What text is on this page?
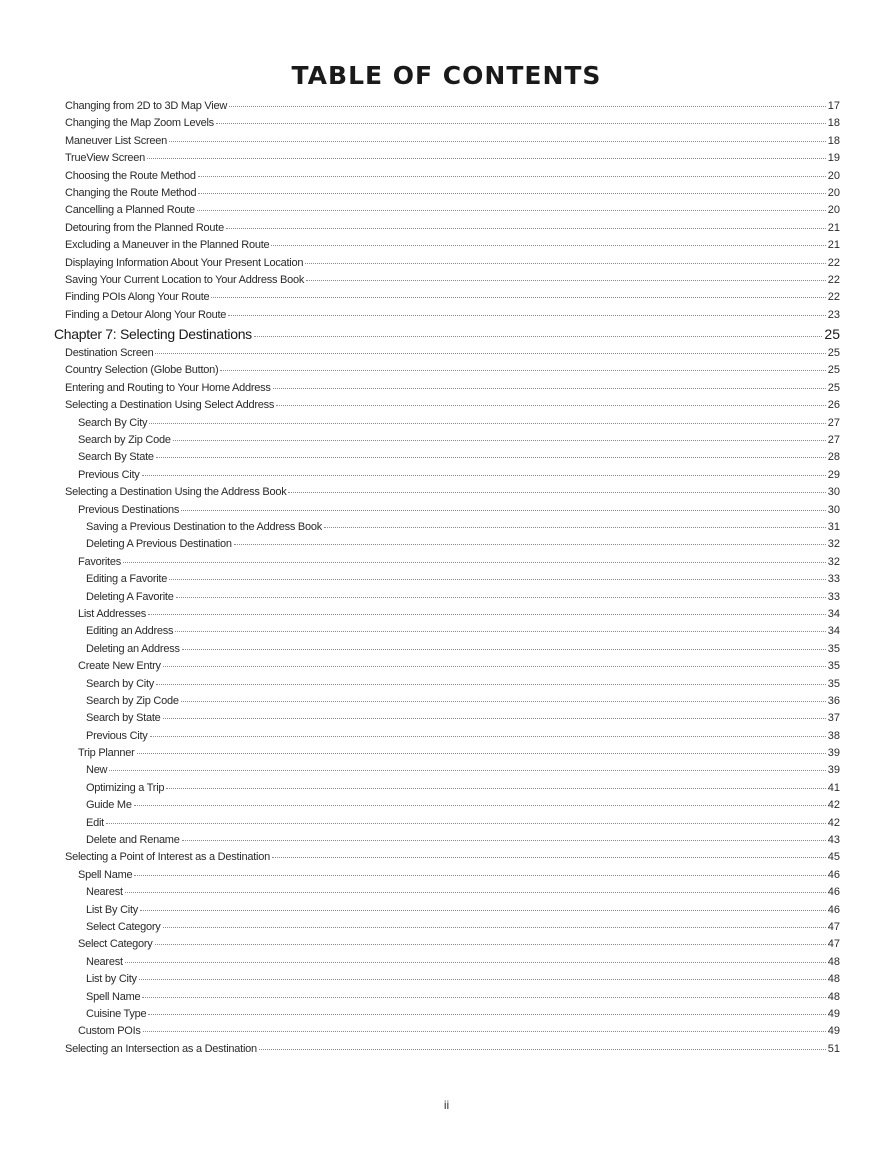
TABLE OF CONTENTS
Changing from 2D to 3D Map View	17
Changing the Map Zoom Levels	18
Maneuver List Screen	18
TrueView Screen	19
Choosing the Route Method	20
Changing the Route Method	20
Cancelling a Planned Route	20
Detouring from the Planned Route	21
Excluding a Maneuver in the Planned Route	21
Displaying Information About Your Present Location	22
Saving Your Current Location to Your Address Book	22
Finding POIs Along Your Route	22
Finding a Detour Along Your Route	23
Chapter 7: Selecting Destinations	25
Destination Screen	25
Country Selection (Globe Button)	25
Entering and Routing to Your Home Address	25
Selecting a Destination Using Select Address	26
Search By City	27
Search by Zip Code	27
Search By State	28
Previous City	29
Selecting a Destination Using the Address Book	30
Previous Destinations	30
Saving a Previous Destination to the Address Book	31
Deleting A Previous Destination	32
Favorites	32
Editing a Favorite	33
Deleting A Favorite	33
List Addresses	34
Editing an Address	34
Deleting an Address	35
Create New Entry	35
Search by City	35
Search by Zip Code	36
Search by State	37
Previous City	38
Trip Planner	39
New	39
Optimizing a Trip	41
Guide Me	42
Edit	42
Delete and Rename	43
Selecting a Point of Interest as a Destination	45
Spell Name	46
Nearest	46
List By City	46
Select Category	47
Select Category	47
Nearest	48
List by City	48
Spell Name	48
Cuisine Type	49
Custom POIs	49
Selecting an Intersection as a Destination	51
ii
